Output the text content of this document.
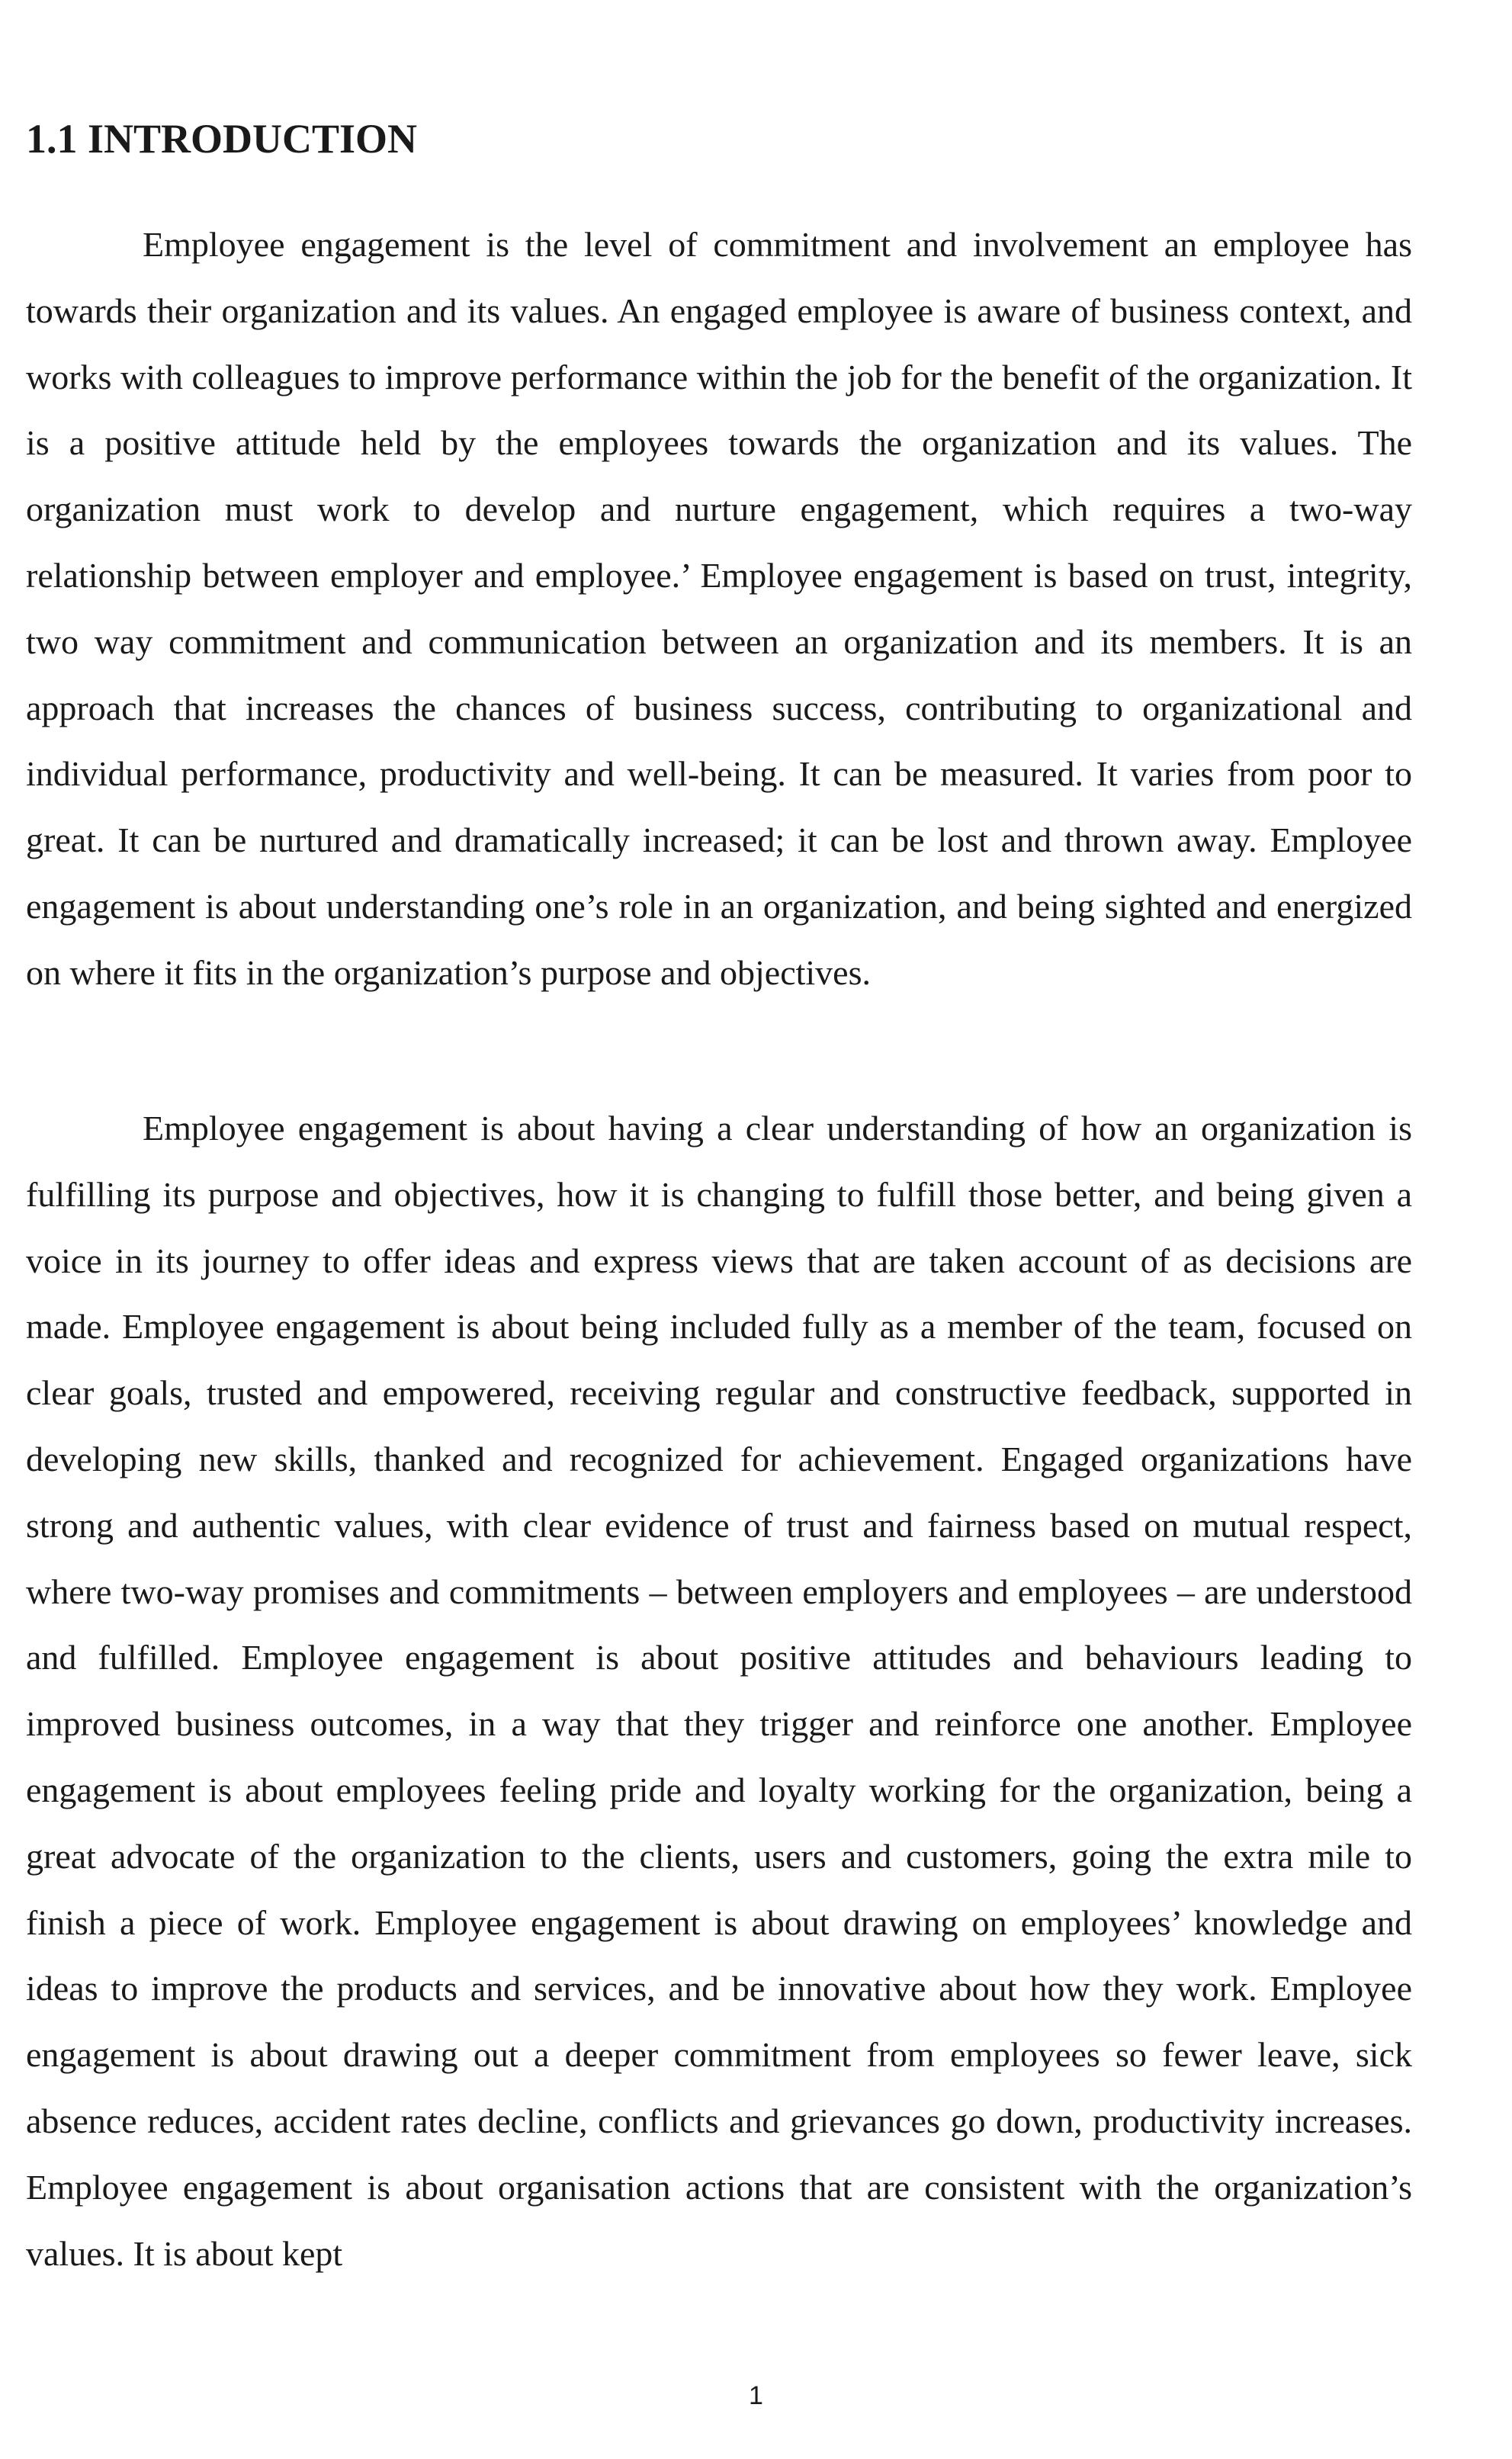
1.1 INTRODUCTION

Employee engagement is the level of commitment and involvement an employee has towards their organization and its values. An engaged employee is aware of business context, and works with colleagues to improve performance within the job for the benefit of the organization. It is a positive attitude held by the employees towards the organization and its values. The organization must work to develop and nurture engagement, which requires a two-way relationship between employer and employee.’ Employee engagement is based on trust, integrity, two way commitment and communication between an organization and its members. It is an approach that increases the chances of business success, contributing to organizational and individual performance, productivity and well-being. It can be measured. It varies from poor to great. It can be nurtured and dramatically increased; it can be lost and thrown away. Employee engagement is about understanding one’s role in an organization, and being sighted and energized on where it fits in the organization’s purpose and objectives.

Employee engagement is about having a clear understanding of how an organization is fulfilling its purpose and objectives, how it is changing to fulfill those better, and being given a voice in its journey to offer ideas and express views that are taken account of as decisions are made. Employee engagement is about being included fully as a member of the team, focused on clear goals, trusted and empowered, receiving regular and constructive feedback, supported in developing new skills, thanked and recognized for achievement. Engaged organizations have strong and authentic values, with clear evidence of trust and fairness based on mutual respect, where two-way promises and commitments – between employers and employees – are understood and fulfilled. Employee engagement is about positive attitudes and behaviours leading to improved business outcomes, in a way that they trigger and reinforce one another. Employee engagement is about employees feeling pride and loyalty working for the organization, being a great advocate of the organization to the clients, users and customers, going the extra mile to finish a piece of work. Employee engagement is about drawing on employees’ knowledge and ideas to improve the products and services, and be innovative about how they work. Employee engagement is about drawing out a deeper commitment from employees so fewer leave, sick absence reduces, accident rates decline, conflicts and grievances go down, productivity increases. Employee engagement is about organisation actions that are consistent with the organization’s values. It is about kept

1
